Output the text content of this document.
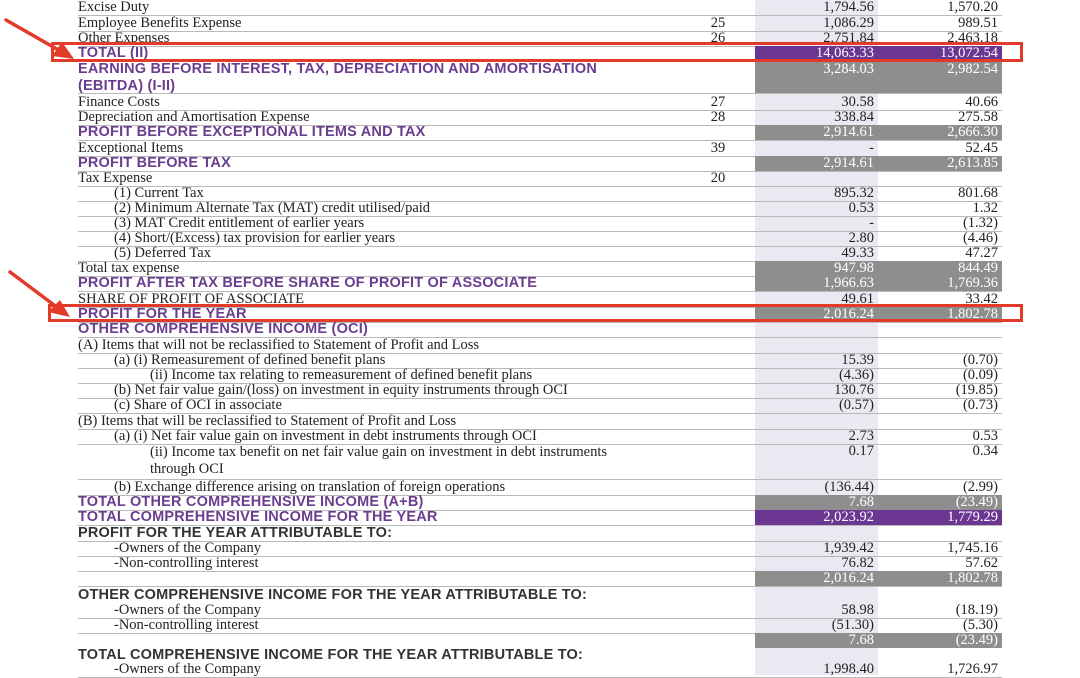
Excise Duty	1,794.56	1,570.20
Employee Benefits Expense	25	1,086.29	989.51
Other Expenses	26	2,751.84	2,463.18
TOTAL (II)	14,063.33	13,072.54
EARNING BEFORE INTEREST, TAX, DEPRECIATION AND AMORTISATION (EBITDA) (I-II)
3,284.03	2,982.54
Finance Costs	27	30.58	40.66
Depreciation and Amortisation Expense	28	338.84	275.58
PROFIT BEFORE EXCEPTIONAL ITEMS AND TAX	2,914.61	2,666.30
Exceptional Items	39	-	52.45
PROFIT BEFORE TAX	2,914.61	2,613.85
Tax Expense	20
(1) Current Tax	895.32	801.68
(2) Minimum Alternate Tax (MAT) credit utilised/paid	0.53	1.32
(3) MAT Credit entitlement of earlier years	-	(1.32)
(4) Short/(Excess) tax provision for earlier years	2.80	(4.46)
(5) Deferred Tax	49.33	47.27
Total tax expense	947.98	844.49
PROFIT AFTER TAX BEFORE SHARE OF PROFIT OF ASSOCIATE	1,966.63	1,769.36
SHARE OF PROFIT OF ASSOCIATE	49.61	33.42
PROFIT FOR THE YEAR	2,016.24	1,802.78
OTHER COMPREHENSIVE INCOME (OCI)
(A) Items that will not be reclassified to Statement of Profit and Loss
(a) (i) Remeasurement of defined benefit plans	15.39	(0.70)
(ii) Income tax relating to remeasurement of defined benefit plans	(4.36)	(0.09)
(b) Net fair value gain/(loss) on investment in equity instruments through OCI	130.76	(19.85)
(c) Share of OCI in associate	(0.57)	(0.73)
(B) Items that will be reclassified to Statement of Profit and Loss
(a) (i) Net fair value gain on investment in debt instruments through OCI	2.73	0.53
(ii) Income tax benefit on net fair value gain on investment in debt instruments through OCI
0.17	0.34
(b) Exchange difference arising on translation of foreign operations	(136.44)	(2.99)
TOTAL OTHER COMPREHENSIVE INCOME (A+B)	7.68	(23.49)
TOTAL COMPREHENSIVE INCOME FOR THE YEAR	2,023.92	1,779.29
PROFIT FOR THE YEAR ATTRIBUTABLE TO:
-Owners of the Company	1,939.42	1,745.16
-Non-controlling interest	76.82	57.62
2,016.24	1,802.78
OTHER COMPREHENSIVE INCOME FOR THE YEAR ATTRIBUTABLE TO:
-Owners of the Company	58.98	(18.19)
-Non-controlling interest	(51.30)	(5.30)
7.68	(23.49)
TOTAL COMPREHENSIVE INCOME FOR THE YEAR ATTRIBUTABLE TO:
-Owners of the Company	1,998.40	1,726.97
